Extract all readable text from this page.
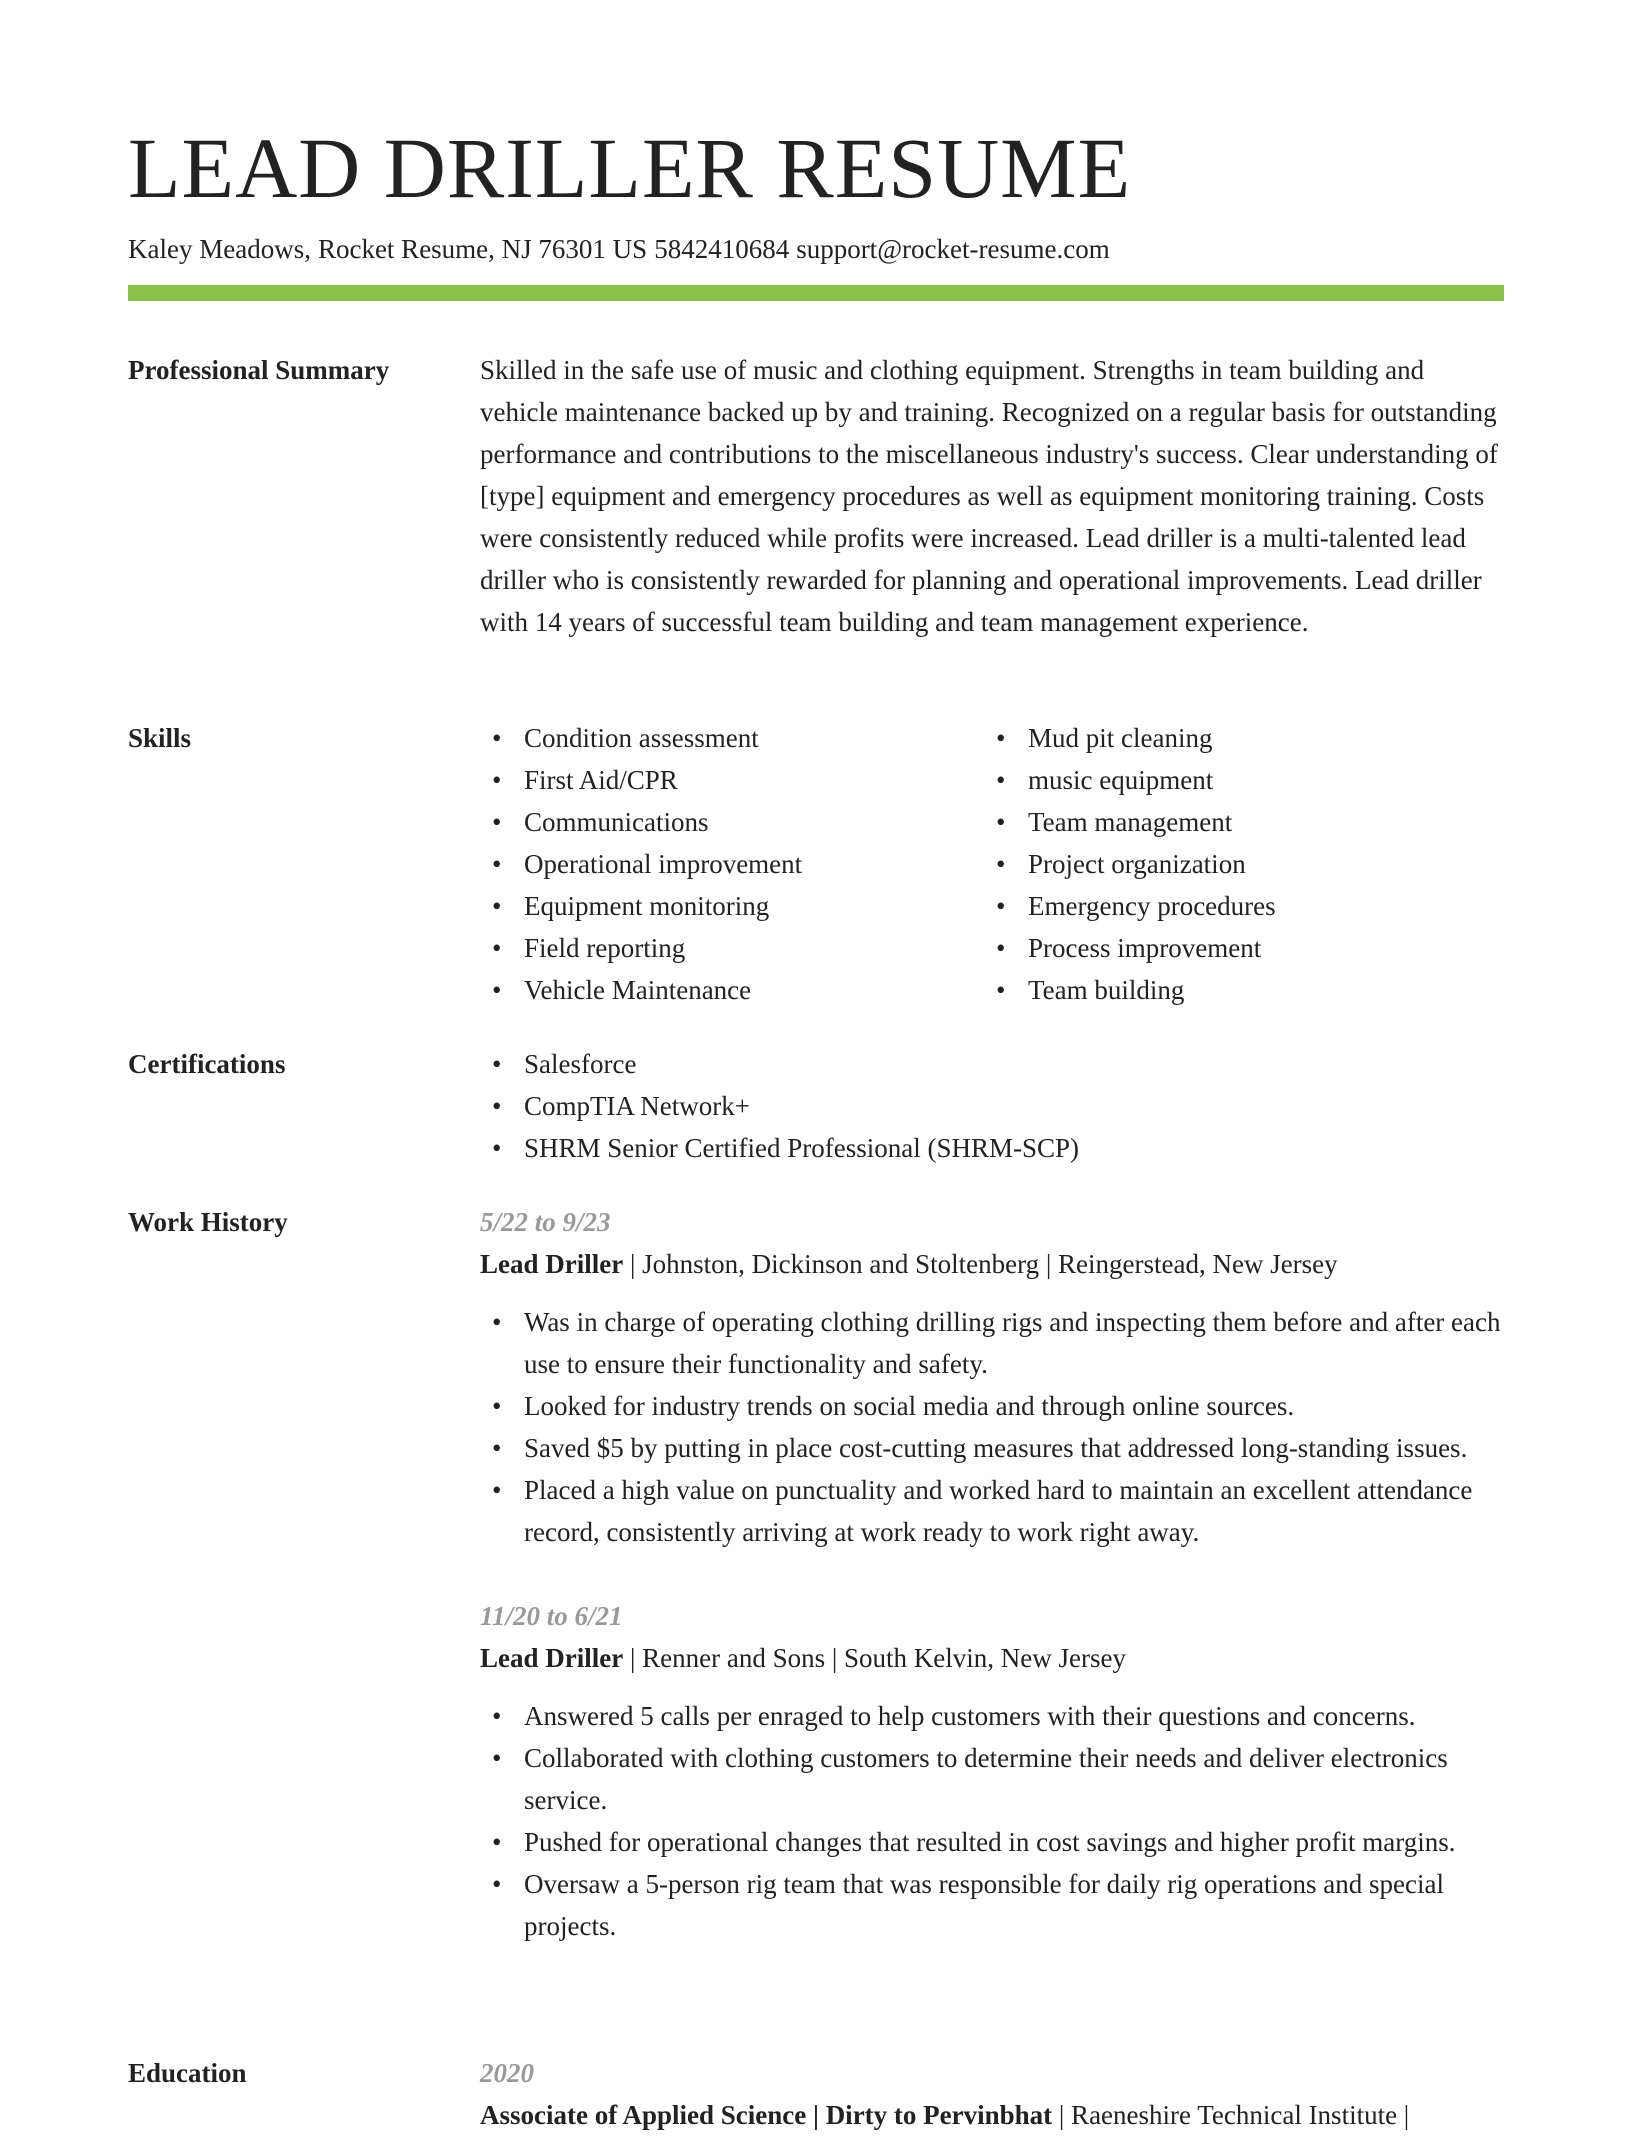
LEAD DRILLER RESUME
Kaley Meadows, Rocket Resume, NJ 76301 US 5842410684 support@rocket-resume.com
Professional Summary	Skilled in the safe use of music and clothing equipment. Strengths in team building and vehicle maintenance backed up by and training. Recognized on a regular basis for outstanding performance and contributions to the miscellaneous industry's success. Clear understanding of [type] equipment and emergency procedures as well as equipment monitoring training. Costs were consistently reduced while profits were increased. Lead driller is a multi-talented lead driller who is consistently rewarded for planning and operational improvements. Lead driller with 14 years of successful team building and team management experience.
Skills	• Condition assessment
• First Aid/CPR
• Communications
• Operational improvement
• Equipment monitoring
• Field reporting
• Vehicle Maintenance
• Mud pit cleaning
• music equipment
• Team management
• Project organization
• Emergency procedures
• Process improvement
• Team building
Certifications	• Salesforce
• CompTIA Network+
• SHRM Senior Certified Professional (SHRM-SCP)
Work History	5/22 to 9/23
Lead Driller | Johnston, Dickinson and Stoltenberg | Reingerstead, New Jersey
• Was in charge of operating clothing drilling rigs and inspecting them before and after each use to ensure their functionality and safety.
• Looked for industry trends on social media and through online sources.
• Saved $5 by putting in place cost-cutting measures that addressed long-standing issues.
• Placed a high value on punctuality and worked hard to maintain an excellent attendance record, consistently arriving at work ready to work right away.
11/20 to 6/21
Lead Driller | Renner and Sons | South Kelvin, New Jersey
• Answered 5 calls per enraged to help customers with their questions and concerns.
• Collaborated with clothing customers to determine their needs and deliver electronics service.
• Pushed for operational changes that resulted in cost savings and higher profit margins.
• Oversaw a 5-person rig team that was responsible for daily rig operations and special projects.
Education	2020
Associate of Applied Science | Dirty to Pervinbhat | Raeneshire Technical Institute |
